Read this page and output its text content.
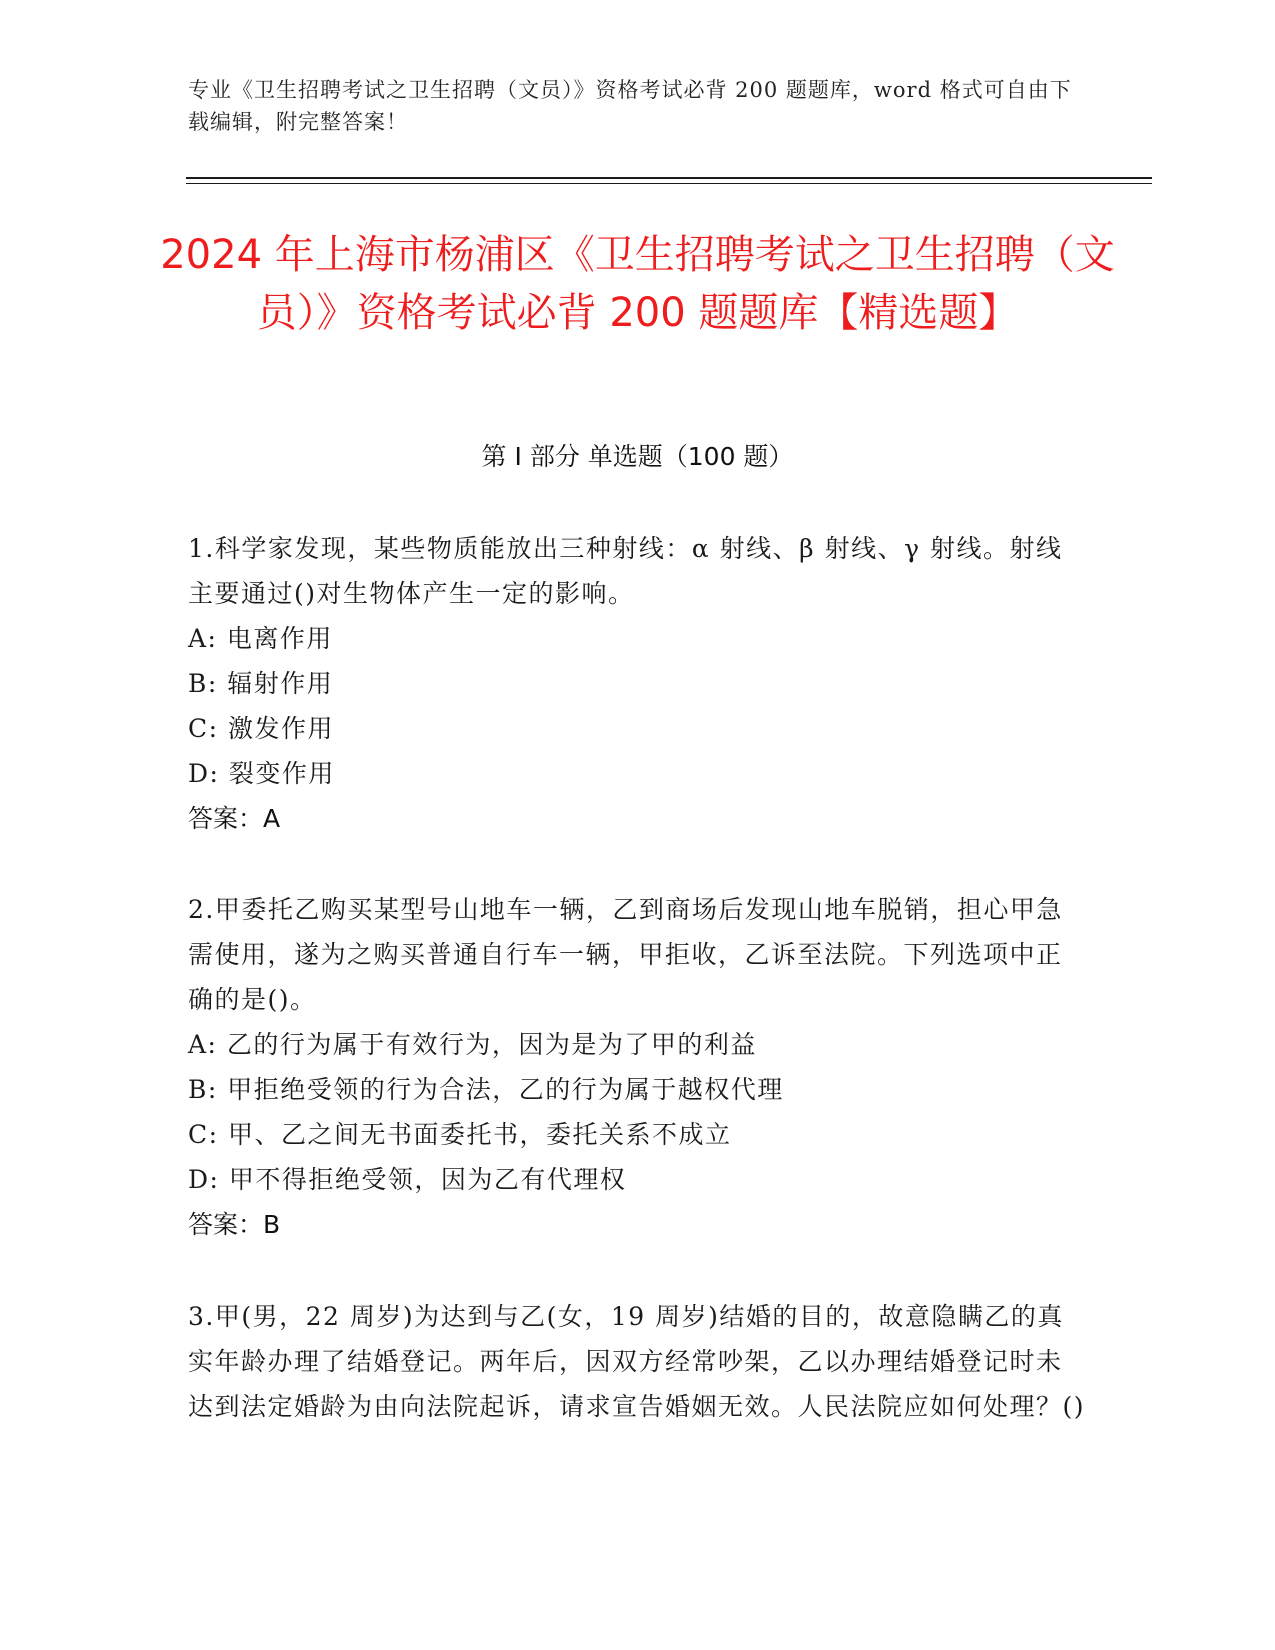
专业《卫生招聘考试之卫生招聘（文员）》资格考试必背 200 题题库，word 格式可自由下载编辑，附完整答案！
2024 年上海市杨浦区《卫生招聘考试之卫生招聘（文员）》资格考试必背 200 题题库【精选题】
第 I 部分 单选题（100 题）

1.科学家发现，某些物质能放出三种射线：α 射线、β 射线、γ 射线。射线主要通过()对生物体产生一定的影响。

A: 电离作用

B: 辐射作用

C: 激发作用

D: 裂变作用

答案：A

2.甲委托乙购买某型号山地车一辆，乙到商场后发现山地车脱销，担心甲急需使用，遂为之购买普通自行车一辆，甲拒收，乙诉至法院。下列选项中正确的是()。

A: 乙的行为属于有效行为，因为是为了甲的利益

B: 甲拒绝受领的行为合法，乙的行为属于越权代理

C: 甲、乙之间无书面委托书，委托关系不成立

D: 甲不得拒绝受领，因为乙有代理权

答案：B

3.甲(男，22 周岁)为达到与乙(女，19 周岁)结婚的目的，故意隐瞒乙的真实年龄办理了结婚登记。两年后，因双方经常吵架，乙以办理结婚登记时未达到法定婚龄为由向法院起诉，请求宣告婚姻无效。人民法院应如何处理？()
